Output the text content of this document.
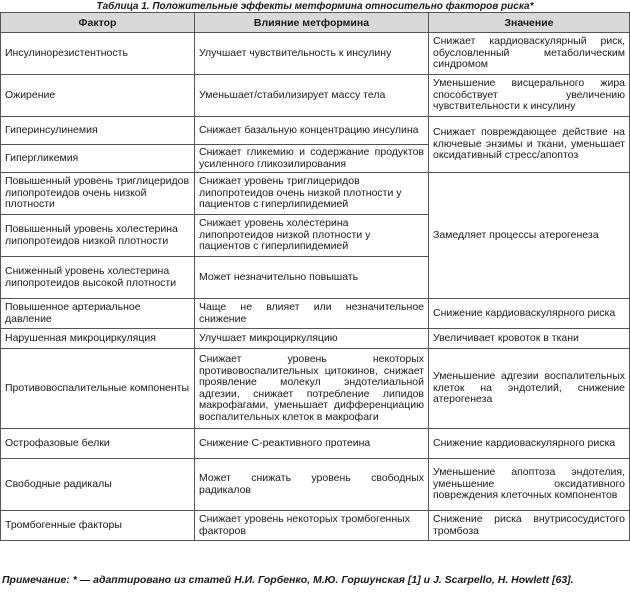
Таблица 1. Положительные эффекты метформина относительно факторов риска*
Фактор	Влияние метформина	Значение
Инсулинорезистентность	Улучшает чувствительность к инсулину	Снижает кардиоваскулярный риск, обусловленный метаболическим синдромом
Ожирение	Уменьшает/стабилизирует массу тела	Уменьшение висцерального жира способствует увеличению чувствительности к инсулину
Гиперинсулинемия	Снижает базальную концентрацию инсулина	Снижает повреждающее действие на ключевые энзимы и ткани, уменьшает оксидативный стресс/апоптоз
Гипергликемия	Снижает гликемию и содержание продуктов усиленного гликозилирования	
Повышенный уровень триглицеридов липопротеидов очень низкой плотности	Снижает уровень триглицеридов липопротеидов очень низкой плотности у пациентов с гиперлипидемией	Замедляет процессы атерогенеза
Повышенный уровень холестерина липопротеидов низкой плотности	Снижает уровень холестерина липопротеидов низкой плотности у пациентов с гиперлипидемией	
Сниженный уровень холестерина липопротеидов высокой плотности	Может незначительно повышать	
Повышенное артериальное давление	Чаще не влияет или незначительное снижение	Снижение кардиоваскулярного риска
Нарушенная микроциркуляция	Улучшает микроциркуляцию	Увеличивает кровоток в ткани
Противовоспалительные компоненты	Снижает уровень некоторых противовоспалительных цитокинов, снижает проявление молекул эндотелиальной адгезии, снижает потребление липидов макрофагами, уменьшает дифференциацию воспалительных клеток в макрофаги	Уменьшение адгезии воспалительных клеток на эндотелий, снижение атерогенеза
Острофазовые белки	Снижение С-реактивного протеина	Снижение кардиоваскулярного риска
Свободные радикалы	Может снижать уровень свободных радикалов	Уменьшение апоптоза эндотелия, уменьшение оксидативного повреждения клеточных компонентов
Тромбогенные факторы	Снижает уровень некоторых тромбогенных факторов	Снижение риска внутрисосудистого тромбоза
Примечание: * — адаптировано из статей Н.И. Горбенко, М.Ю. Горшунская [1] и J. Scarpello, H. Howlett [63].
